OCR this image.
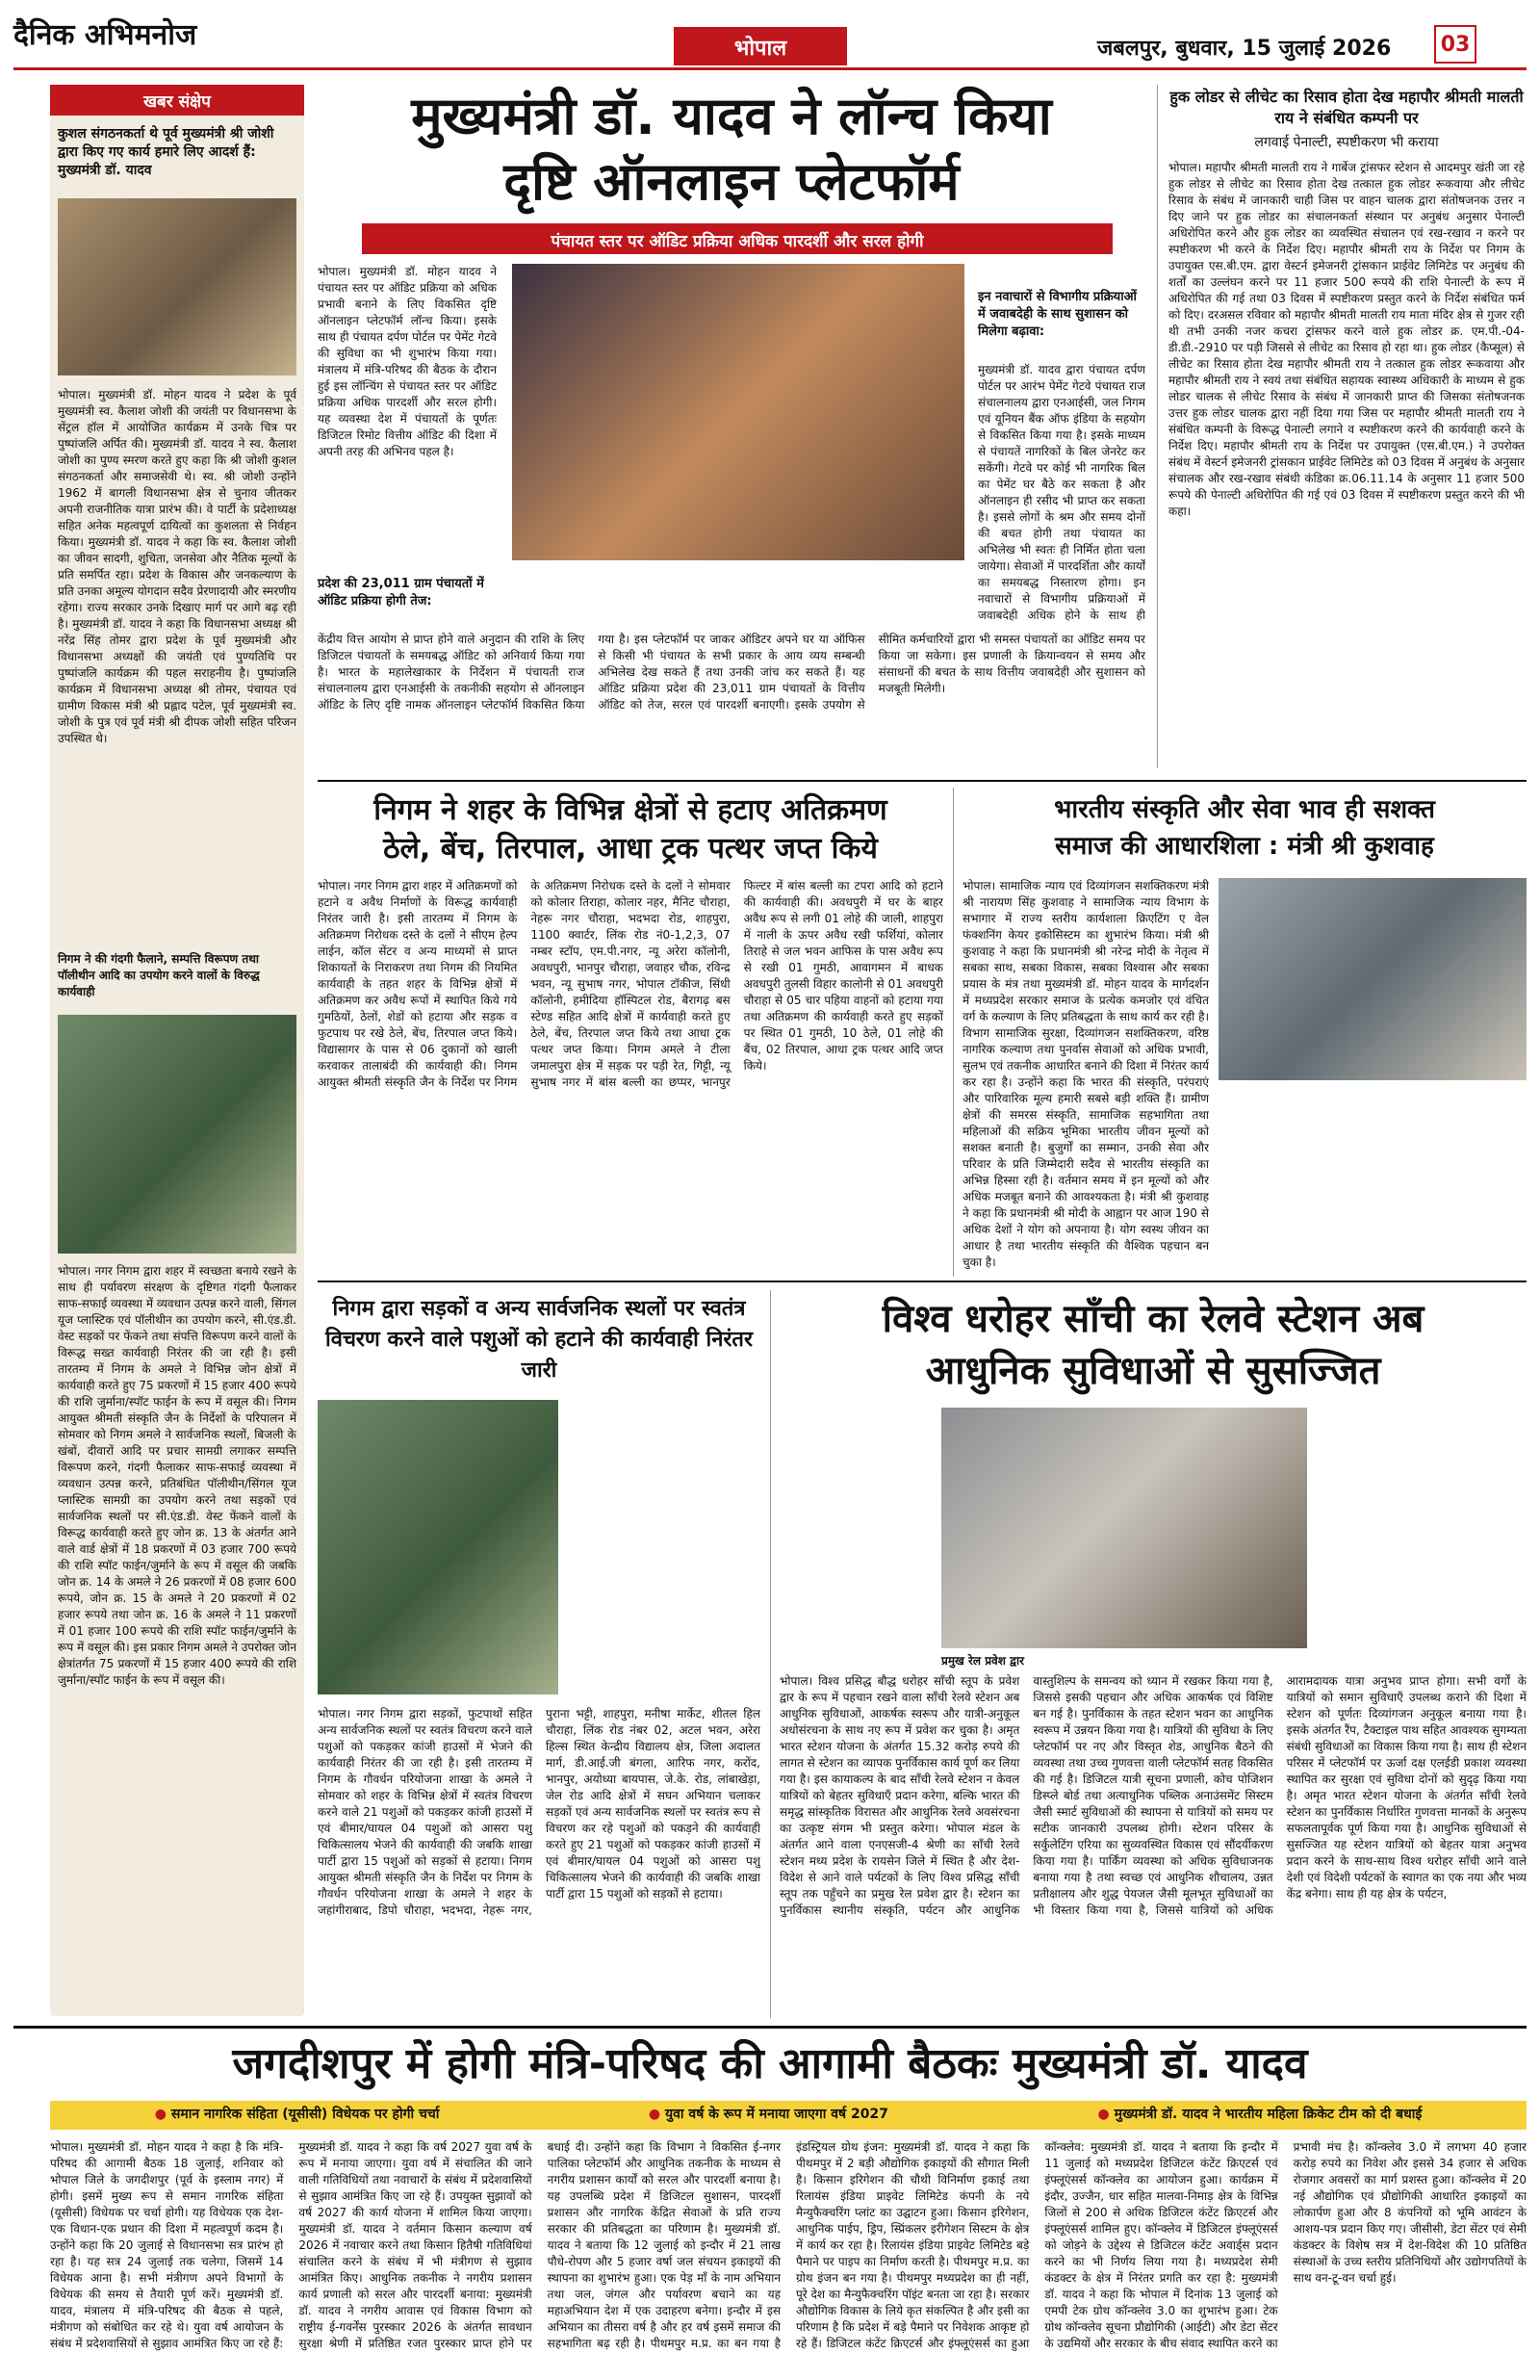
दैनिक अभिमनोज	भोपाल	जबलपुर, बुधवार, 15 जुलाई 2026	03
खबर संक्षेप
कुशल संगठनकर्ता थे पूर्व मुख्यमंत्री श्री जोशी द्वारा किए गए कार्य हमारे लिए आदर्श हैं: मुख्यमंत्री डॉ. यादव
भोपाल। मुख्यमंत्री डॉ. मोहन यादव ने प्रदेश के पूर्व मुख्यमंत्री स्व. कैलाश जोशी की जयंती पर विधानसभा के सेंट्रल हॉल में आयोजित कार्यक्रम में उनके चित्र पर पुष्पांजलि अर्पित की। मुख्यमंत्री डॉ. यादव ने स्व. कैलाश जोशी का पुण्य स्मरण करते हुए कहा कि श्री जोशी कुशल संगठनकर्ता और समाजसेवी थे। स्व. श्री जोशी उन्होंने 1962 में बागली विधानसभा क्षेत्र से चुनाव जीतकर अपनी राजनीतिक यात्रा प्रारंभ की। वे पार्टी के प्रदेशाध्यक्ष सहित अनेक महत्वपूर्ण दायित्वों का कुशलता से निर्वहन किया। मुख्यमंत्री डॉ. यादव ने कहा कि स्व. कैलाश जोशी का जीवन सादगी, शुचिता, जनसेवा और नैतिक मूल्यों के प्रति समर्पित रहा। प्रदेश के विकास और जनकल्याण के प्रति उनका अमूल्य योगदान सदैव प्रेरणादायी और स्मरणीय रहेगा। राज्य सरकार उनके दिखाए मार्ग पर आगे बढ़ रही है। मुख्यमंत्री डॉ. यादव ने कहा कि विधानसभा अध्यक्ष श्री नरेंद्र सिंह तोमर द्वारा प्रदेश के पूर्व मुख्यमंत्री और विधानसभा अध्यक्षों की जयंती एवं पुण्यतिथि पर पुष्पांजलि कार्यक्रम की पहल सराहनीय है। पुष्पांजलि कार्यक्रम में विधानसभा अध्यक्ष श्री तोमर, पंचायत एवं ग्रामीण विकास मंत्री श्री प्रह्लाद पटेल, पूर्व मुख्यमंत्री स्व. जोशी के पुत्र एवं पूर्व मंत्री श्री दीपक जोशी सहित परिजन उपस्थित थे।
निगम ने की गंदगी फैलाने, सम्पत्ति विरूपण तथा पॉलीथीन आदि का उपयोग करने वालों के विरुद्ध कार्यवाही
भोपाल। नगर निगम द्वारा शहर में स्वच्छता बनाये रखने के साथ ही पर्यावरण संरक्षण के दृष्टिगत गंदगी फैलाकर साफ-सफाई व्यवस्था में व्यवधान उत्पन्न करने वाली, सिंगल यूज प्लास्टिक एवं पॉलीथीन का उपयोग करने, सी.एंड.डी. वेस्ट सड़कों पर फेंकने तथा संपत्ति विरूपण करने वालों के विरूद्ध सख्त कार्यवाही निरंतर की जा रही है। इसी तारतम्य में निगम के अमले ने विभिन्न जोन क्षेत्रों में कार्यवाही करते हुए 75 प्रकरणों में 15 हजार 400 रूपये की राशि जुर्माना/स्पॉट फाईन के रूप में वसूल की। निगम आयुक्त श्रीमती संस्कृति जैन के निर्देशों के परिपालन में सोमवार को निगम अमले ने सार्वजनिक स्थलों, बिजली के खंबों, दीवारों आदि पर प्रचार सामग्री लगाकर सम्पत्ति विरूपण करने, गंदगी फैलाकर साफ-सफाई व्यवस्था में व्यवधान उत्पन्न करने, प्रतिबंधित पॉलीथीन/सिंगल यूज प्लास्टिक सामग्री का उपयोग करने तथा सड़कों एवं सार्वजनिक स्थलों पर सी.एंड.डी. वेस्ट फेंकने वालों के विरूद्ध कार्यवाही करते हुए जोन क्र. 13 के अंतर्गत आने वाले वार्ड क्षेत्रों में 18 प्रकरणों में 03 हजार 700 रूपये की राशि स्पॉट फाईन/जुर्माने के रूप में वसूल की जबकि जोन क्र. 14 के अमले ने 26 प्रकरणों में 08 हजार 600 रूपये, जोन क्र. 15 के अमले ने 20 प्रकरणों में 02 हजार रूपये तथा जोन क्र. 16 के अमले ने 11 प्रकरणों में 01 हजार 100 रूपये की राशि स्पॉट फाईन/जुर्माने के रूप में वसूल की। इस प्रकार निगम अमले ने उपरोक्त जोन क्षेत्रांतर्गत 75 प्रकरणों में 15 हजार 400 रूपये की राशि जुर्माना/स्पॉट फाईन के रूप में वसूल की।
मुख्यमंत्री डॉ. यादव ने लॉन्च किया
दृष्टि ऑनलाइन प्लेटफॉर्म
पंचायत स्तर पर ऑडिट प्रक्रिया अधिक पारदर्शी और सरल होगी
भोपाल। मुख्यमंत्री डॉ. मोहन यादव ने पंचायत स्तर पर ऑडिट प्रक्रिया को अधिक प्रभावी बनाने के लिए विकसित दृष्टि ऑनलाइन प्लेटफॉर्म लॉन्च किया। इसके साथ ही पंचायत दर्पण पोर्टल पर पेमेंट गेटवे की सुविधा का भी शुभारंभ किया गया। मंत्रालय में मंत्रि-परिषद की बैठक के दौरान हुई इस लॉन्चिंग से पंचायत स्तर पर ऑडिट प्रक्रिया अधिक पारदर्शी और सरल होगी। यह व्यवस्था देश में पंचायतों के पूर्णतः डिजिटल रिमोट वित्तीय ऑडिट की दिशा में अपनी तरह की अभिनव पहल है।
प्रदेश की 23,011 ग्राम पंचायतों में ऑडिट प्रक्रिया होगी तेज:
केंद्रीय वित्त आयोग से प्राप्त होने वाले अनुदान की राशि के लिए डिजिटल पंचायतों के समयबद्ध ऑडिट को अनिवार्य किया गया है। भारत के महालेखाकार के निर्देशन में पंचायती राज संचालनालय द्वारा एनआईसी के तकनीकी सहयोग से ऑनलाइन ऑडिट के लिए दृष्टि नामक ऑनलाइन प्लेटफॉर्म विकसित किया गया है। इस प्लेटफॉर्म पर जाकर ऑडिटर अपने घर या ऑफिस से किसी भी पंचायत के सभी प्रकार के आय व्यय सम्बन्धी अभिलेख देख सकते हैं तथा उनकी जांच कर सकते हैं। यह ऑडिट प्रक्रिया प्रदेश की 23,011 ग्राम पंचायतों के वित्तीय ऑडिट को तेज, सरल एवं पारदर्शी बनाएगी। इसके उपयोग से सीमित कर्मचारियों द्वारा भी समस्त पंचायतों का ऑडिट समय पर किया जा सकेगा। इस प्रणाली के क्रियान्वयन से समय और संसाधनों की बचत के साथ वित्तीय जवाबदेही और सुशासन को मजबूती मिलेगी।
इन नवाचारों से विभागीय प्रक्रियाओं में जवाबदेही के साथ सुशासन को मिलेगा बढ़ावा:
मुख्यमंत्री डॉ. यादव द्वारा पंचायत दर्पण पोर्टल पर आरंभ पेमेंट गेटवे पंचायत राज संचालनालय द्वारा एनआईसी, जल निगम एवं यूनियन बैंक ऑफ इंडिया के सहयोग से विकसित किया गया है। इसके माध्यम से पंचायतें नागरिकों के बिल जेनरेट कर सकेंगी। गेटवे पर कोई भी नागरिक बिल का पेमेंट घर बैठे कर सकता है और ऑनलाइन ही रसीद भी प्राप्त कर सकता है। इससे लोगों के श्रम और समय दोनों की बचत होगी तथा पंचायत का अभिलेख भी स्वतः ही निर्मित होता चला जायेगा। सेवाओं में पारदर्शिता और कार्यों का समयबद्ध निस्तारण होगा। इन नवाचारों से विभागीय प्रक्रियाओं में जवाबदेही अधिक होने के साथ ही
हुक लोडर से लीचेट का रिसाव होता देख महापौर श्रीमती मालती राय ने संबंधित कम्पनी पर
लगवाई पेनाल्टी, स्पष्टीकरण भी कराया
भोपाल। महापौर श्रीमती मालती राय ने गार्बेज ट्रांसफर स्टेशन से आदमपुर खंती जा रहे हुक लोडर से लीचेट का रिसाव होता देख तत्काल हुक लोडर रूकवाया और लीचेट रिसाव के संबंध में जानकारी चाही जिस पर वाहन चालक द्वारा संतोषजनक उत्तर न दिए जाने पर हुक लोडर का संचालनकर्ता संस्थान पर अनुबंध अनुसार पेनाल्टी अधिरोपित करने और हुक लोडर का व्यवस्थित संचालन एवं रख-रखाव न करने पर स्पष्टीकरण भी करने के निर्देश दिए। महापौर श्रीमती राय के निर्देश पर निगम के उपायुक्त एस.बी.एम. द्वारा वेस्टर्न इमेजनरी ट्रांसकान प्राईवेट लिमिटेड पर अनुबंध की शर्तों का उल्लंघन करने पर 11 हजार 500 रूपये की राशि पेनाल्टी के रूप में अधिरोपित की गई तथा 03 दिवस में स्पष्टीकरण प्रस्तुत करने के निर्देश संबंधित फर्म को दिए। दरअसल रविवार को महापौर श्रीमती मालती राय माता मंदिर क्षेत्र से गुजर रही थी तभी उनकी नजर कचरा ट्रांसफर करने वाले हुक लोडर क्र. एम.पी.-04-डी.डी.-2910 पर पड़ी जिससे से लीचेट का रिसाव हो रहा था। हुक लोडर (कैप्सूल) से लीचेट का रिसाव होता देख महापौर श्रीमती राय ने तत्काल हुक लोडर रूकवाया और महापौर श्रीमती राय ने स्वयं तथा संबंधित सहायक स्वास्थ्य अधिकारी के माध्यम से हुक लोडर चालक से लीचेट रिसाव के संबंध में जानकारी प्राप्त की जिसका संतोषजनक उत्तर हुक लोडर चालक द्वारा नहीं दिया गया जिस पर महापौर श्रीमती मालती राय ने संबंधित कम्पनी के विरूद्ध पेनाल्टी लगाने व स्पष्टीकरण करने की कार्यवाही करने के निर्देश दिए। महापौर श्रीमती राय के निर्देश पर उपायुक्त (एस.बी.एम.) ने उपरोक्त संबंध में वेस्टर्न इमेजनरी ट्रांसकान प्राईवेट लिमिटेड को 03 दिवस में अनुबंध के अनुसार संचालक और रख-रखाव संबंधी कंडिका क्र.06.11.14 के अनुसार 11 हजार 500 रूपये की पेनाल्टी अधिरोपित की गई एवं 03 दिवस में स्पष्टीकरण प्रस्तुत करने की भी कहा।
निगम ने शहर के विभिन्न क्षेत्रों से हटाए अतिक्रमण
ठेले, बेंच, तिरपाल, आधा ट्रक पत्थर जप्त किये
भोपाल। नगर निगम द्वारा शहर में अतिक्रमणों को हटाने व अवैध निर्माणों के विरूद्ध कार्यवाही निरंतर जारी है। इसी तारतम्य में निगम के अतिक्रमण निरोधक दस्ते के दलों ने सीएम हेल्प लाईन, कॉल सेंटर व अन्य माध्यमों से प्राप्त शिकायतों के निराकरण तथा निगम की नियमित कार्यवाही के तहत शहर के विभिन्न क्षेत्रों में अतिक्रमण कर अवैध रूपों में स्थापित किये गये गुमठियों, ठेलों, शेडों को हटाया और सड़क व फुटपाथ पर रखे ठेले, बेंच, तिरपाल जप्त किये। विद्यासागर के पास से 06 दुकानों को खाली करवाकर तालाबंदी की कार्यवाही की। निगम आयुक्त श्रीमती संस्कृति जैन के निर्देश पर निगम के अतिक्रमण निरोधक दस्ते के दलों ने सोमवार को कोलार तिराहा, कोलार नहर, मैनिट चौराहा, नेहरू नगर चौराहा, भदभदा रोड, शाहपुरा, 1100 क्वार्टर, लिंक रोड नं0-1,2,3, 07 नम्बर स्टॉप, एम.पी.नगर, न्यू अरेरा कॉलोनी, अवधपुरी, भानपुर चौराहा, जवाहर चौक, रविन्द्र भवन, न्यू सुभाष नगर, भोपाल टॉकीज, सिंधी कॉलोनी, हमीदिया हॉस्पिटल रोड, बैरागढ़ बस स्टेण्ड सहित आदि क्षेत्रों में कार्यवाही करते हुए ठेले, बेंच, तिरपाल जप्त किये तथा आधा ट्रक पत्थर जप्त किया। निगम अमले ने टीला जमालपुरा क्षेत्र में सड़क पर पड़ी रेत, गिट्टी, न्यू सुभाष नगर में बांस बल्ली का छप्पर, भानपुर फिल्टर में बांस बल्ली का टपरा आदि को हटाने की कार्यवाही की। अवधपुरी में घर के बाहर अवैध रूप से लगी 01 लोहे की जाली, शाहपुरा में नाली के ऊपर अवैध रखी फर्शियां, कोलार तिराहे से जल भवन आफिस के पास अवैध रूप से रखी 01 गुमठी, आवागमन में बाधक अवधपुरी तुलसी विहार कालोनी से 01 अवधपुरी चौराहा से 05 चार पहिया वाहनों को हटाया गया तथा अतिक्रमण की कार्यवाही करते हुए सड़कों पर स्थित 01 गुमठी, 10 ठेले, 01 लोहे की बैंच, 02 तिरपाल, आधा ट्रक पत्थर आदि जप्त किये।
भारतीय संस्कृति और सेवा भाव ही सशक्त
समाज की आधारशिला : मंत्री श्री कुशवाह
भोपाल। सामाजिक न्याय एवं दिव्यांगजन सशक्तिकरण मंत्री श्री नारायण सिंह कुशवाह ने सामाजिक न्याय विभाग के सभागार में राज्य स्तरीय कार्यशाला क्रिएटिंग ए वेल फंक्शनिंग केयर इकोसिस्टम का शुभारंभ किया। मंत्री श्री कुशवाह ने कहा कि प्रधानमंत्री श्री नरेन्द्र मोदी के नेतृत्व में सबका साथ, सबका विकास, सबका विश्वास और सबका प्रयास के मंत्र तथा मुख्यमंत्री डॉ. मोहन यादव के मार्गदर्शन में मध्यप्रदेश सरकार समाज के प्रत्येक कमजोर एवं वंचित वर्ग के कल्याण के लिए प्रतिबद्धता के साथ कार्य कर रही है। विभाग सामाजिक सुरक्षा, दिव्यांगजन सशक्तिकरण, वरिष्ठ नागरिक कल्याण तथा पुनर्वास सेवाओं को अधिक प्रभावी, सुलभ एवं तकनीक आधारित बनाने की दिशा में निरंतर कार्य कर रहा है। उन्होंने कहा कि भारत की संस्कृति, परंपराएं और पारिवारिक मूल्य हमारी सबसे बड़ी शक्ति हैं। ग्रामीण क्षेत्रों की समरस संस्कृति, सामाजिक सहभागिता तथा महिलाओं की सक्रिय भूमिका भारतीय जीवन मूल्यों को सशक्त बनाती है। बुजुर्गों का सम्मान, उनकी सेवा और परिवार के प्रति जिम्मेदारी सदैव से भारतीय संस्कृति का अभिन्न हिस्सा रही है। वर्तमान समय में इन मूल्यों को और अधिक मजबूत बनाने की आवश्यकता है। मंत्री श्री कुशवाह ने कहा कि प्रधानमंत्री श्री मोदी के आह्वान पर आज 190 से अधिक देशों ने योग को अपनाया है। योग स्वस्थ जीवन का आधार है तथा भारतीय संस्कृति की वैश्विक पहचान बन चुका है।
निगम द्वारा सड़कों व अन्य सार्वजनिक स्थलों पर स्वतंत्र विचरण करने वाले पशुओं को हटाने की कार्यवाही निरंतर जारी
भोपाल। नगर निगम द्वारा सड़कों, फुटपाथों सहित अन्य सार्वजनिक स्थलों पर स्वतंत्र विचरण करने वाले पशुओं को पकड़कर कांजी हाउसों में भेजने की कार्यवाही निरंतर की जा रही है। इसी तारतम्य में निगम के गौवर्धन परियोजना शाखा के अमले ने सोमवार को शहर के विभिन्न क्षेत्रों में स्वतंत्र विचरण करने वाले 21 पशुओं को पकड़कर कांजी हाउसों में एवं बीमार/घायल 04 पशुओं को आसरा पशु चिकित्सालय भेजने की कार्यवाही की जबकि शाखा पार्टी द्वारा 15 पशुओं को सड़कों से हटाया। निगम आयुक्त श्रीमती संस्कृति जैन के निर्देश पर निगम के गौवर्धन परियोजना शाखा के अमले ने शहर के जहांगीराबाद, डिपो चौराहा, भदभदा, नेहरू नगर, पुराना भट्टी, शाहपुरा, मनीषा मार्केट, शीतल हिल चौराहा, लिंक रोड नंबर 02, अटल भवन, अरेरा हिल्स स्थित केन्द्रीय विद्यालय क्षेत्र, जिला अदालत मार्ग, डी.आई.जी बंगला, आरिफ नगर, करोंद, भानपुर, अयोध्या बायपास, जे.के. रोड, लांबाखेड़ा, जेल रोड आदि क्षेत्रों में सघन अभियान चलाकर सड़कों एवं अन्य सार्वजनिक स्थलों पर स्वतंत्र रूप से विचरण कर रहे पशुओं को पकड़ने की कार्यवाही करते हुए 21 पशुओं को पकड़कर कांजी हाउसों में एवं बीमार/घायल 04 पशुओं को आसरा पशु चिकित्सालय भेजने की कार्यवाही की जबकि शाखा पार्टी द्वारा 15 पशुओं को सड़कों से हटाया।
विश्व धरोहर साँची का रेलवे स्टेशन अब
आधुनिक सुविधाओं से सुसज्जित
प्रमुख रेल प्रवेश द्वार
भोपाल। विश्व प्रसिद्ध बौद्ध धरोहर साँची स्तूप के प्रवेश द्वार के रूप में पहचान रखने वाला साँची रेलवे स्टेशन अब आधुनिक सुविधाओं, आकर्षक स्वरूप और यात्री-अनुकूल अधोसंरचना के साथ नए रूप में प्रवेश कर चुका है। अमृत भारत स्टेशन योजना के अंतर्गत 15.32 करोड़ रुपये की लागत से स्टेशन का व्यापक पुनर्विकास कार्य पूर्ण कर लिया गया है। इस कायाकल्प के बाद साँची रेलवे स्टेशन न केवल यात्रियों को बेहतर सुविधाएँ प्रदान करेगा, बल्कि भारत की समृद्ध सांस्कृतिक विरासत और आधुनिक रेलवे अवसंरचना का उत्कृष्ट संगम भी प्रस्तुत करेगा। भोपाल मंडल के अंतर्गत आने वाला एनएसजी-4 श्रेणी का साँची रेलवे स्टेशन मध्य प्रदेश के रायसेन जिले में स्थित है और देश-विदेश से आने वाले पर्यटकों के लिए विश्व प्रसिद्ध साँची स्तूप तक पहुँचने का प्रमुख रेल प्रवेश द्वार है। स्टेशन का पुनर्विकास स्थानीय संस्कृति, पर्यटन और आधुनिक वास्तुशिल्प के समन्वय को ध्यान में रखकर किया गया है, जिससे इसकी पहचान और अधिक आकर्षक एवं विशिष्ट बन गई है। पुनर्विकास के तहत स्टेशन भवन का आधुनिक स्वरूप में उन्नयन किया गया है। यात्रियों की सुविधा के लिए प्लेटफॉर्म पर नए और विस्तृत शेड, आधुनिक बैठने की व्यवस्था तथा उच्च गुणवत्ता वाली प्लेटफॉर्म सतह विकसित की गई है। डिजिटल यात्री सूचना प्रणाली, कोच पोजिशन डिस्प्ले बोर्ड तथा अत्याधुनिक पब्लिक अनाउंसमेंट सिस्टम जैसी स्मार्ट सुविधाओं की स्थापना से यात्रियों को समय पर सटीक जानकारी उपलब्ध होगी। स्टेशन परिसर के सर्कुलेटिंग एरिया का सुव्यवस्थित विकास एवं सौंदर्यीकरण किया गया है। पार्किंग व्यवस्था को अधिक सुविधाजनक बनाया गया है तथा स्वच्छ एवं आधुनिक शौचालय, उन्नत प्रतीक्षालय और शुद्ध पेयजल जैसी मूलभूत सुविधाओं का भी विस्तार किया गया है, जिससे यात्रियों को अधिक आरामदायक यात्रा अनुभव प्राप्त होगा। सभी वर्गों के यात्रियों को समान सुविधाएँ उपलब्ध कराने की दिशा में स्टेशन को पूर्णतः दिव्यांगजन अनुकूल बनाया गया है। इसके अंतर्गत रैंप, टैक्टाइल पाथ सहित आवश्यक सुगम्यता संबंधी सुविधाओं का विकास किया गया है। साथ ही स्टेशन परिसर में प्लेटफॉर्म पर ऊर्जा दक्ष एलईडी प्रकाश व्यवस्था स्थापित कर सुरक्षा एवं सुविधा दोनों को सुदृढ़ किया गया है। अमृत भारत स्टेशन योजना के अंतर्गत साँची रेलवे स्टेशन का पुनर्विकास निर्धारित गुणवत्ता मानकों के अनुरूप सफलतापूर्वक पूर्ण किया गया है। आधुनिक सुविधाओं से सुसज्जित यह स्टेशन यात्रियों को बेहतर यात्रा अनुभव प्रदान करने के साथ-साथ विश्व धरोहर साँची आने वाले देशी एवं विदेशी पर्यटकों के स्वागत का एक नया और भव्य केंद्र बनेगा। साथ ही यह क्षेत्र के पर्यटन,
जगदीशपुर में होगी मंत्रि-परिषद की आगामी बैठकः मुख्यमंत्री डॉ. यादव
● समान नागरिक संहिता (यूसीसी) विधेयक पर होगी चर्चा	● युवा वर्ष के रूप में मनाया जाएगा वर्ष 2027	● मुख्यमंत्री डॉ. यादव ने भारतीय महिला क्रिकेट टीम को दी बधाई
भोपाल। मुख्यमंत्री डॉ. मोहन यादव ने कहा है कि मंत्रि-परिषद की आगामी बैठक 18 जुलाई, शनिवार को भोपाल जिले के जगदीशपुर (पूर्व के इस्लाम नगर) में होगी। इसमें मुख्य रूप से समान नागरिक संहिता (यूसीसी) विधेयक पर चर्चा होगी। यह विधेयक एक देश-एक विधान-एक प्रधान की दिशा में महत्वपूर्ण कदम है। उन्होंने कहा कि 20 जुलाई से विधानसभा सत्र प्रारंभ हो रहा है। यह सत्र 24 जुलाई तक चलेगा, जिसमें 14 विधेयक आना है। सभी मंत्रीगण अपने विभागों के विधेयक की समय से तैयारी पूर्ण करें। मुख्यमंत्री डॉ. यादव, मंत्रालय में मंत्रि-परिषद की बैठक से पहले, मंत्रीगण को संबोधित कर रहे थे। युवा वर्ष आयोजन के संबंध में प्रदेशवासियों से सुझाव आमंत्रित किए जा रहे हैं: मुख्यमंत्री डॉ. यादव ने कहा कि वर्ष 2027 युवा वर्ष के रूप में मनाया जाएगा। युवा वर्ष में संचालित की जाने वाली गतिविधियों तथा नवाचारों के संबंध में प्रदेशवासियों से सुझाव आमंत्रित किए जा रहे हैं। उपयुक्त सुझावों को वर्ष 2027 की कार्य योजना में शामिल किया जाएगा। मुख्यमंत्री डॉ. यादव ने वर्तमान किसान कल्याण वर्ष 2026 में नवाचार करने तथा किसान हितैषी गतिविधियां संचालित करने के संबंध में भी मंत्रीगण से सुझाव आमंत्रित किए। आधुनिक तकनीक ने नगरीय प्रशासन कार्य प्रणाली को सरल और पारदर्शी बनाया: मुख्यमंत्री डॉ. यादव ने नगरीय आवास एवं विकास विभाग को राष्ट्रीय ई-गवर्नेंस पुरस्कार 2026 के अंतर्गत सावधान सुरक्षा श्रेणी में प्रतिष्ठित रजत पुरस्कार प्राप्त होने पर बधाई दी। उन्होंने कहा कि विभाग ने विकसित ई-नगर पालिका प्लेटफॉर्म और आधुनिक तकनीक के माध्यम से नगरीय प्रशासन कार्यों को सरल और पारदर्शी बनाया है। यह उपलब्धि प्रदेश में डिजिटल सुशासन, पारदर्शी प्रशासन और नागरिक केंद्रित सेवाओं के प्रति राज्य सरकार की प्रतिबद्धता का परिणाम है। मुख्यमंत्री डॉ. यादव ने बताया कि 12 जुलाई को इन्दौर में 21 लाख पौधे-रोपण और 5 हजार वर्षा जल संचयन इकाइयों की स्थापना का शुभारंभ हुआ। एक पेड़ माँ के नाम अभियान तथा जल, जंगल और पर्यावरण बचाने का यह महाअभियान देश में एक उदाहरण बनेगा। इन्दौर में इस अभियान का तीसरा वर्ष है और हर वर्ष इसमें समाज की सहभागिता बढ़ रही है। पीथमपुर म.प्र. का बन गया है इंडस्ट्रियल ग्रोथ इंजन: मुख्यमंत्री डॉ. यादव ने कहा कि पीथमपुर में 2 बड़ी औद्योगिक इकाइयों की सौगात मिली है। किसान इरिगेशन की चौथी विनिर्माण इकाई तथा रिलायंस इंडिया प्राइवेट लिमिटेड कंपनी के नये मैन्युफैक्चरिंग प्लांट का उद्घाटन हुआ। किसान इरिगेशन, आधुनिक पाईप, ड्रिप, स्प्रिंकलर इरीगेशन सिस्टम के क्षेत्र में कार्य कर रहा है। रिलायंस इंडिया प्राइवेट लिमिटेड बड़े पैमाने पर पाइप का निर्माण करती है। पीथमपुर म.प्र. का ग्रोथ इंजन बन गया है। पीथमपुर मध्यप्रदेश का ही नहीं, पूरे देश का मैन्युफैक्चरिंग पॉइंट बनता जा रहा है। सरकार औद्योगिक विकास के लिये कृत संकल्पित है और इसी का परिणाम है कि प्रदेश में बड़े पैमाने पर निवेशक आकृष्ट हो रहे हैं। डिजिटल कंटेंट क्रिएटर्स और इंफ्लूएंसर्स का हुआ कॉन्क्लेव: मुख्यमंत्री डॉ. यादव ने बताया कि इन्दौर में 11 जुलाई को मध्यप्रदेश डिजिटल कंटेंट क्रिएटर्स एवं इंफ्लूएंसर्स कॉन्क्लेव का आयोजन हुआ। कार्यक्रम में इंदौर, उज्जैन, धार सहित मालवा-निमाड़ क्षेत्र के विभिन्न जिलों से 200 से अधिक डिजिटल कंटेंट क्रिएटर्स और इंफ्लूएंसर्स शामिल हुए। कॉन्क्लेव में डिजिटल इंफ्लूएंसर्स को जोड़ने के उद्देश्य से डिजिटल कंटेंट अवार्ड्स प्रदान करने का भी निर्णय लिया गया है। मध्यप्रदेश सेमी कंडक्टर के क्षेत्र में निरंतर प्रगति कर रहा है: मुख्यमंत्री डॉ. यादव ने कहा कि भोपाल में दिनांक 13 जुलाई को एमपी टेक ग्रोथ कॉन्क्लेव 3.0 का शुभारंभ हुआ। टेक ग्रोथ कॉन्क्लेव सूचना प्रौद्योगिकी (आईटी) और डेटा सेंटर के उद्यमियों और सरकार के बीच संवाद स्थापित करने का प्रभावी मंच है। कॉन्क्लेव 3.0 में लगभग 40 हजार करोड़ रुपये का निवेश और इससे 34 हजार से अधिक रोजगार अवसरों का मार्ग प्रशस्त हुआ। कॉन्क्लेव में 20 नई औद्योगिक एवं प्रौद्योगिकी आधारित इकाइयों का लोकार्पण हुआ और 8 कंपनियों को भूमि आवंटन के आशय-पत्र प्रदान किए गए। जीसीसी, डेटा सेंटर एवं सेमी कंडक्टर के विशेष सत्र में देश-विदेश की 10 प्रतिष्ठित संस्थाओं के उच्च स्तरीय प्रतिनिधियों और उद्योगपतियों के साथ वन-टू-वन चर्चा हुई।
